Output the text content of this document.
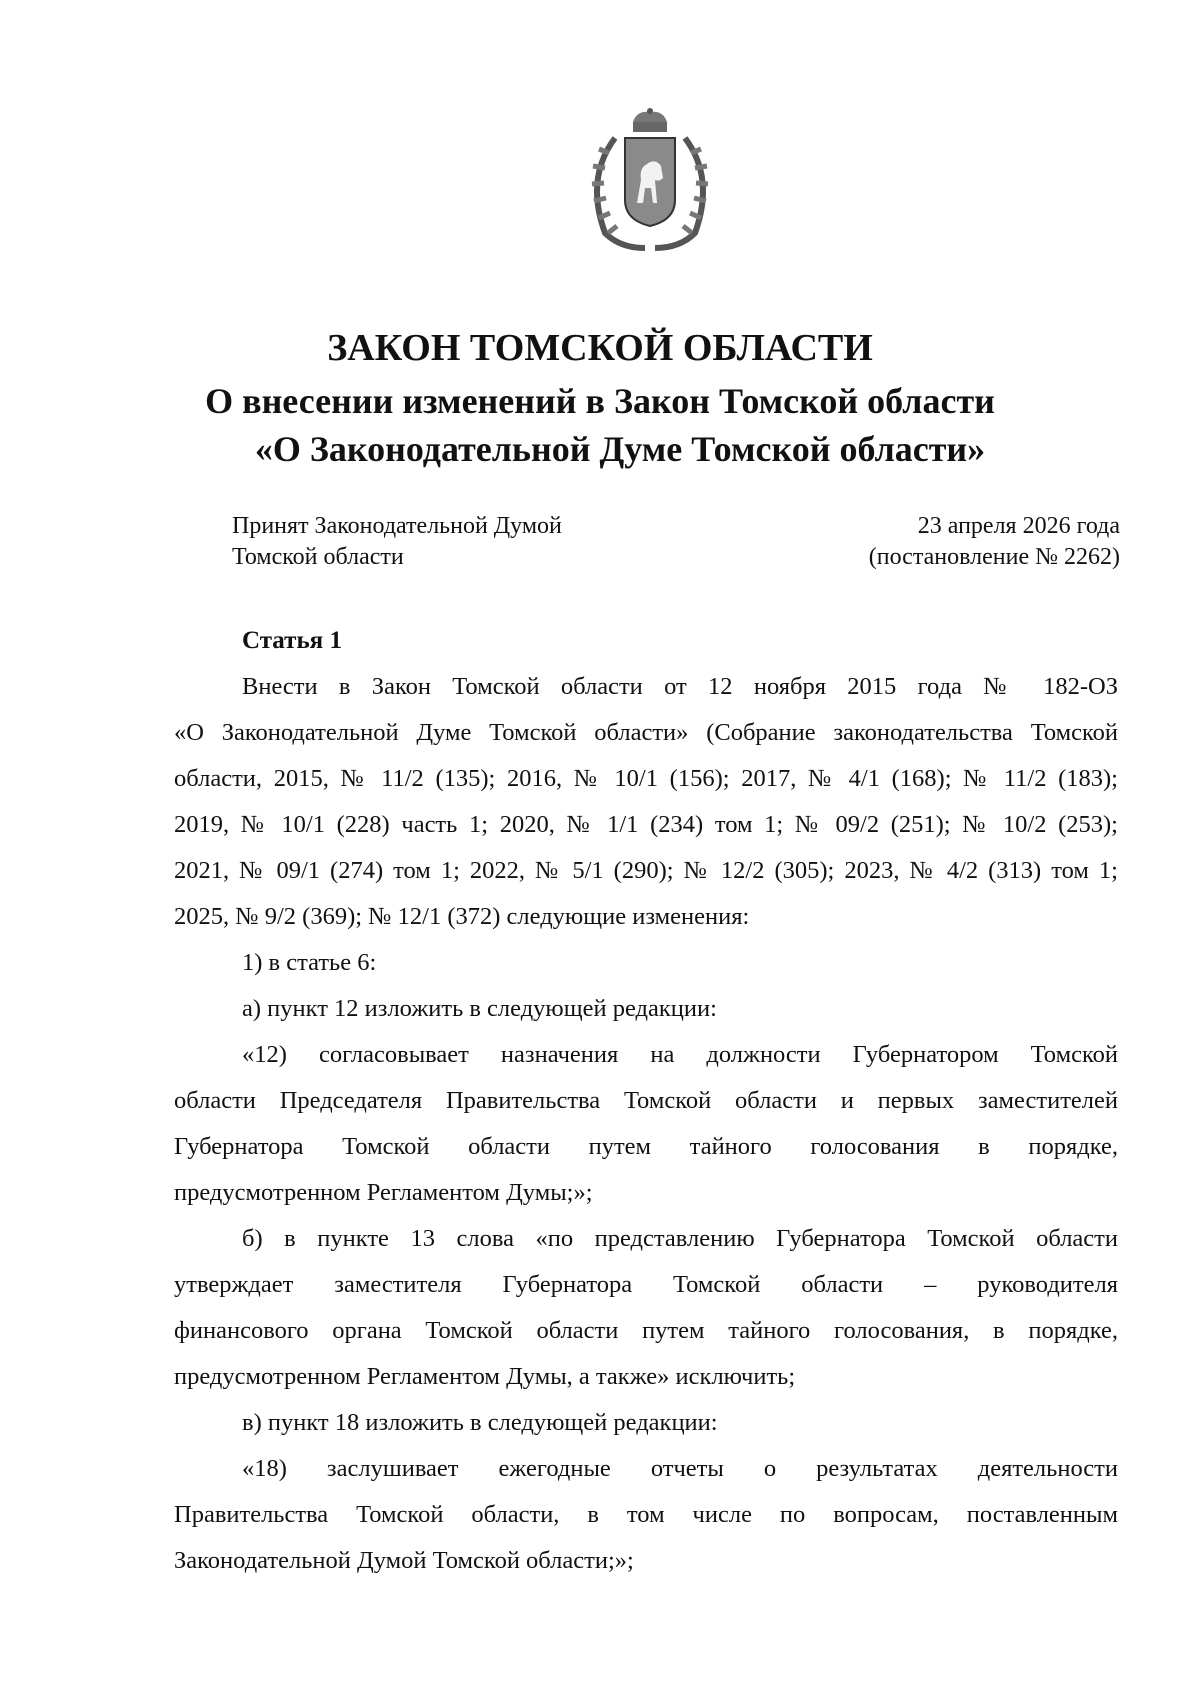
ЗАКОН ТОМСКОЙ ОБЛАСТИ
О внесении изменений в Закон Томской области
«О Законодательной Думе Томской области»
Принят Законодательной Думой
Томской области
23 апреля 2026 года
(постановление № 2262)
Статья 1
Внести в Закон Томской области от 12 ноября 2015 года № 182-ОЗ
«О Законодательной Думе Томской области» (Собрание законодательства Томской
области, 2015, № 11/2 (135); 2016, № 10/1 (156); 2017, № 4/1 (168); № 11/2 (183);
2019, № 10/1 (228) часть 1; 2020, № 1/1 (234) том 1; № 09/2 (251); № 10/2 (253);
2021, № 09/1 (274) том 1; 2022, № 5/1 (290); № 12/2 (305); 2023, № 4/2 (313) том 1;
2025, № 9/2 (369); № 12/1 (372) следующие изменения:
1) в статье 6:
а) пункт 12 изложить в следующей редакции:
«12) согласовывает назначения на должности Губернатором Томской
области Председателя Правительства Томской области и первых заместителей
Губернатора Томской области путем тайного голосования в порядке,
предусмотренном Регламентом Думы;»;
б) в пункте 13 слова «по представлению Губернатора Томской области
утверждает заместителя Губернатора Томской области – руководителя
финансового органа Томской области путем тайного голосования, в порядке,
предусмотренном Регламентом Думы, а также» исключить;
в) пункт 18 изложить в следующей редакции:
«18) заслушивает ежегодные отчеты о результатах деятельности
Правительства Томской области, в том числе по вопросам, поставленным
Законодательной Думой Томской области;»;
